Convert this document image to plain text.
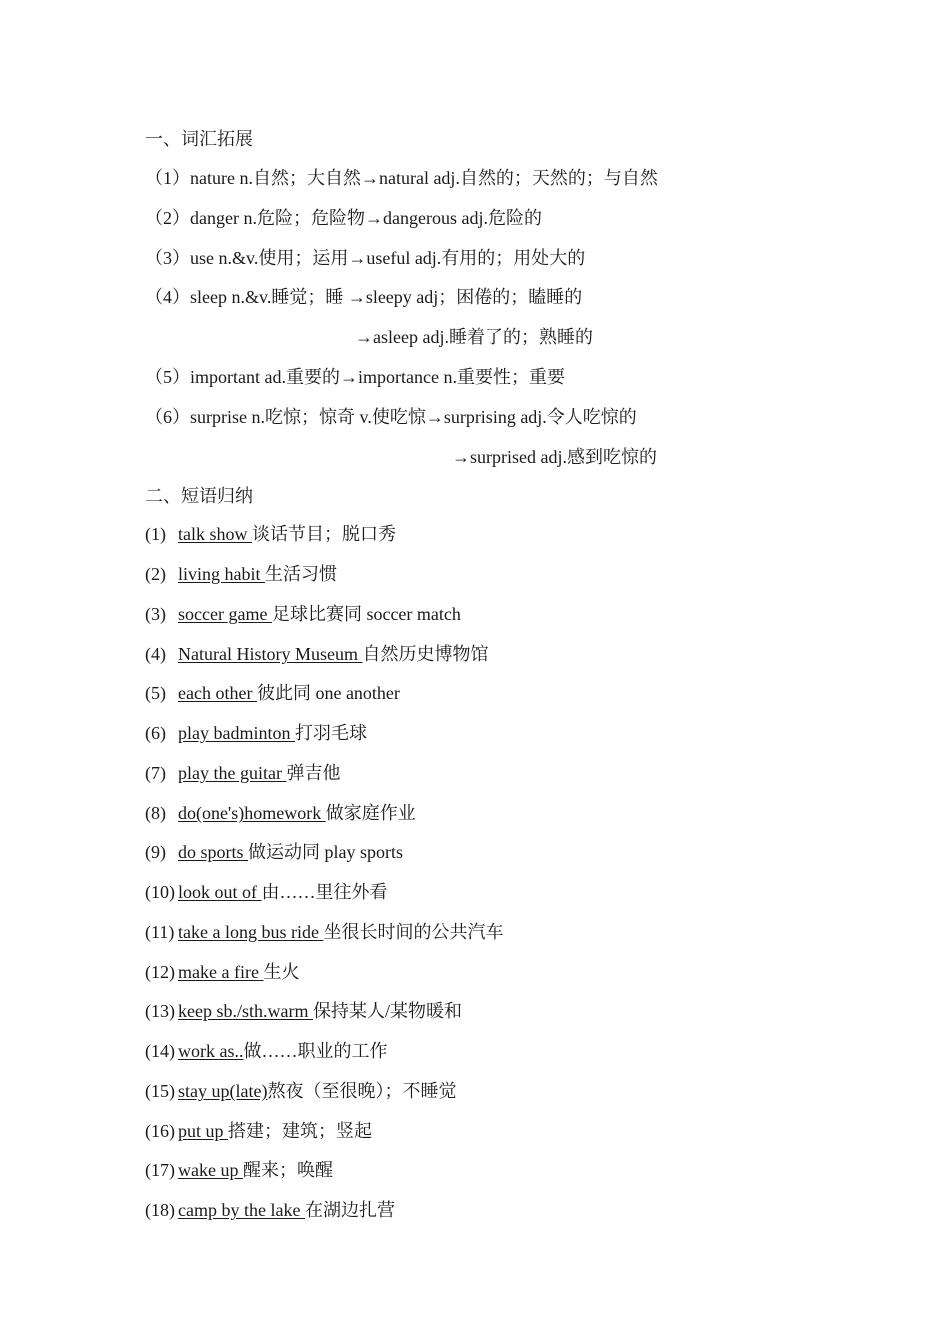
一、词汇拓展
（1）nature n.自然；大自然→natural adj.自然的；天然的；与自然
（2）danger n.危险；危险物→dangerous adj.危险的
（3）use n.&v.使用；运用→useful adj.有用的；用处大的
（4）sleep n.&v.睡觉；睡 →sleepy adj；困倦的；瞌睡的
→asleep adj.睡着了的；熟睡的
（5）important ad.重要的→importance n.重要性；重要
（6）surprise n.吃惊；惊奇 v.使吃惊→surprising adj.令人吃惊的
→surprised adj.感到吃惊的
二、短语归纳
(1) talk show 谈话节目；脱口秀
(2) living habit 生活习惯
(3) soccer game 足球比赛同 soccer match
(4) Natural History Museum 自然历史博物馆
(5) each other 彼此同 one another
(6) play badminton 打羽毛球
(7) play the guitar 弹吉他
(8) do(one's)homework 做家庭作业
(9) do sports 做运动同 play sports
(10) look out of 由……里往外看
(11) take a long bus ride 坐很长时间的公共汽车
(12) make a fire 生火
(13) keep sb./sth.warm 保持某人/某物暖和
(14) work as..做……职业的工作
(15) stay up(late)熬夜（至很晚）；不睡觉
(16) put up 搭建；建筑；竖起
(17) wake up 醒来；唤醒
(18) camp by the lake 在湖边扎营
